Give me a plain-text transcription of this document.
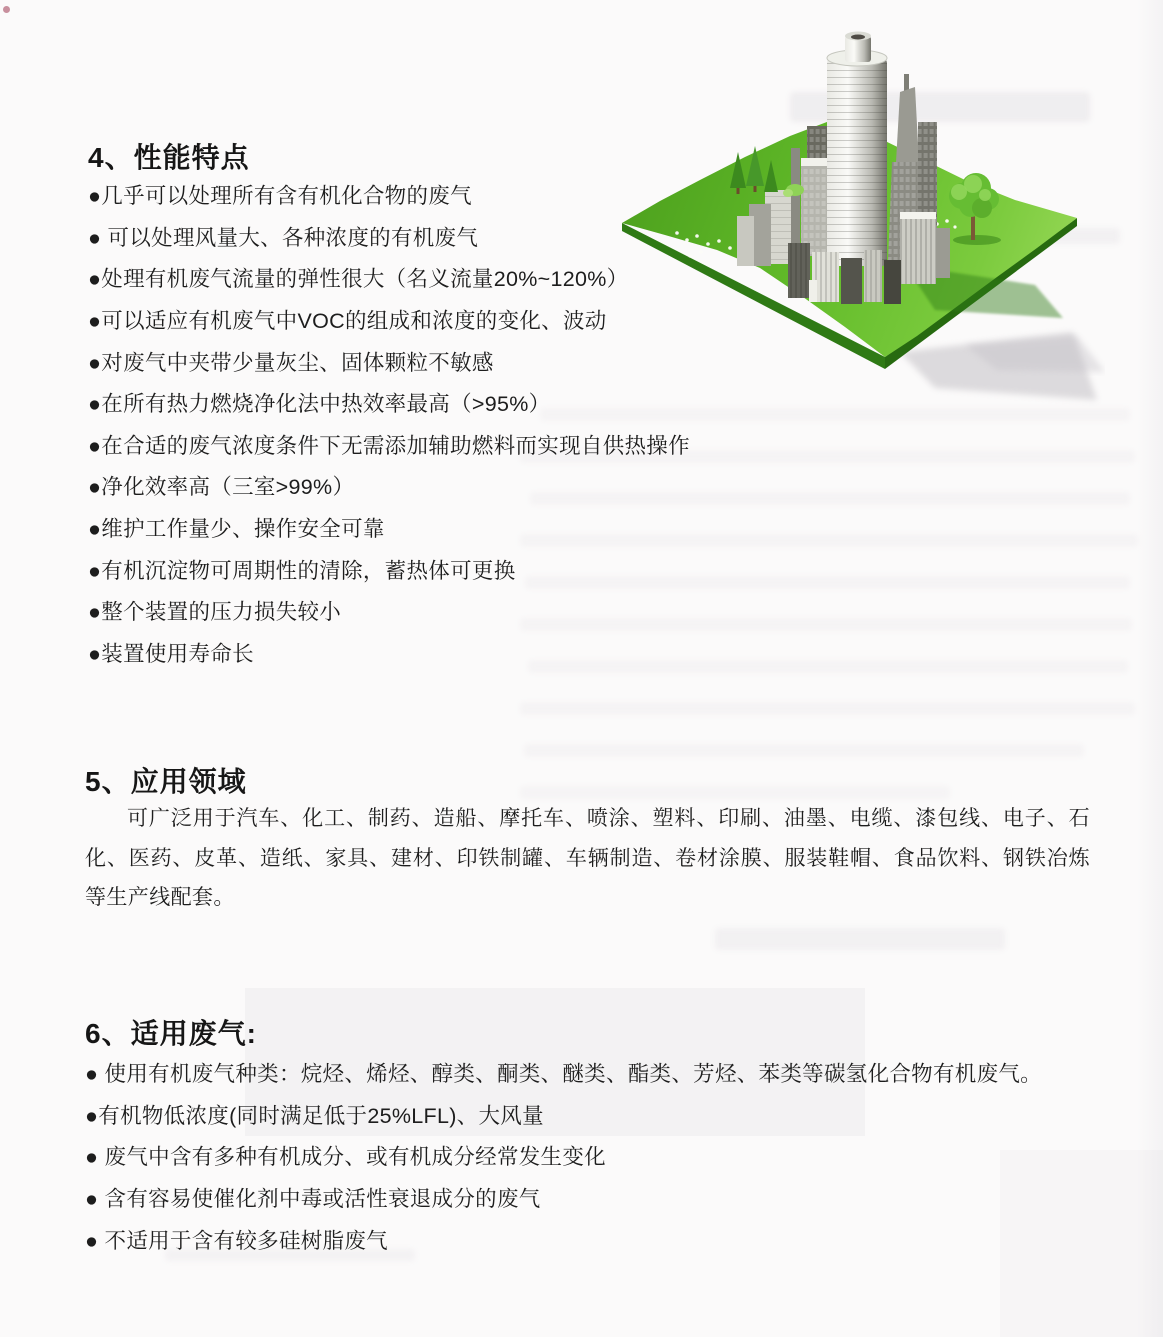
4、性能特点
●几乎可以处理所有含有机化合物的废气
● 可以处理风量大、各种浓度的有机废气
●处理有机废气流量的弹性很大（名义流量20%~120%）
●可以适应有机废气中VOC的组成和浓度的变化、波动
●对废气中夹带少量灰尘、固体颗粒不敏感
●在所有热力燃烧净化法中热效率最高（>95%）
●在合适的废气浓度条件下无需添加辅助燃料而实现自供热操作
●净化效率高（三室>99%）
●维护工作量少、操作安全可靠
●有机沉淀物可周期性的清除，蓄热体可更换
●整个装置的压力损失较小
●装置使用寿命长
5、应用领域

可广泛用于汽车、化工、制药、造船、摩托车、喷涂、塑料、印刷、油墨、电缆、漆包线、电子、石化、医药、皮革、造纸、家具、建材、印铁制罐、车辆制造、卷材涂膜、服装鞋帽、食品饮料、钢铁冶炼等生产线配套。

6、适用废气:
● 使用有机废气种类：烷烃、烯烃、醇类、酮类、醚类、酯类、芳烃、苯类等碳氢化合物有机废气。
●有机物低浓度(同时满足低于25%LFL)、大风量
● 废气中含有多种有机成分、或有机成分经常发生变化
● 含有容易使催化剂中毒或活性衰退成分的废气
● 不适用于含有较多硅树脂废气
